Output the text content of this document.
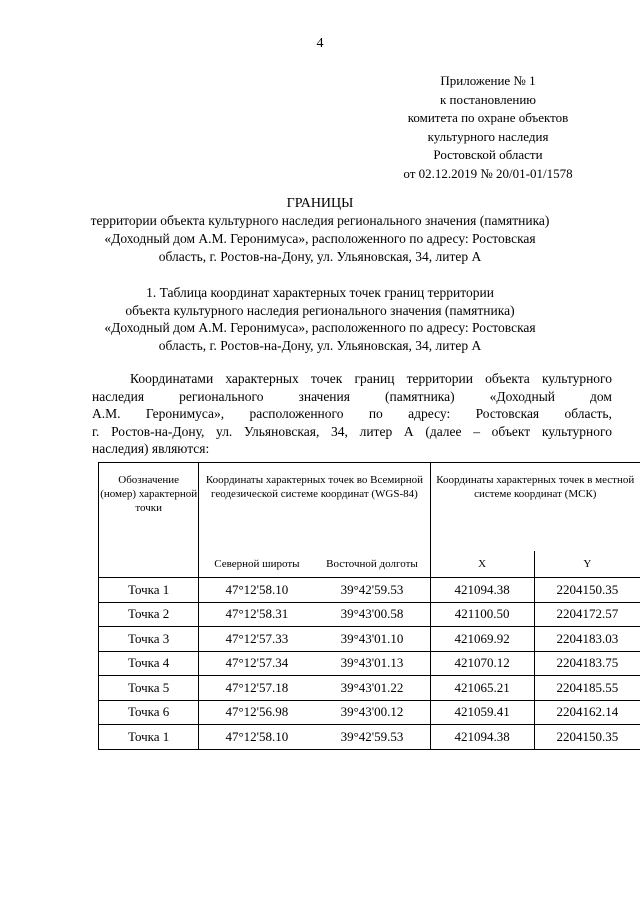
4
Приложение № 1
к постановлению
комитета по охране объектов
культурного наследия
Ростовской области
от 02.12.2019 № 20/01-01/1578
ГРАНИЦЫ
территории объекта культурного наследия регионального значения (памятника)
«Доходный дом А.М. Геронимуса», расположенного по адресу: Ростовская
область, г. Ростов-на-Дону, ул. Ульяновская, 34, литер А
1. Таблица координат характерных точек границ территории
объекта культурного наследия регионального значения (памятника)
«Доходный дом А.М. Геронимуса», расположенного по адресу: Ростовская
область, г. Ростов-на-Дону, ул. Ульяновская, 34, литер А
Координатами характерных точек границ территории объекта культурного
наследия	регионального	значения	(памятника)	«Доходный	дом
А.М. Геронимуса», расположенного по адресу: Ростовская область,
г. Ростов-на-Дону, ул. Ульяновская, 34, литер А (далее – объект культурного
наследия) являются:
Обозначение (номер) характерной точки	Координаты характерных точек во Всемирной геодезической системе координат (WGS-84)		Координаты характерных точек в местной системе координат (МСК)	
	Северной широты	Восточной долготы	X	Y
Точка 1	47°12'58.10	39°42'59.53	421094.38	2204150.35
Точка 2	47°12'58.31	39°43'00.58	421100.50	2204172.57
Точка 3	47°12'57.33	39°43'01.10	421069.92	2204183.03
Точка 4	47°12'57.34	39°43'01.13	421070.12	2204183.75
Точка 5	47°12'57.18	39°43'01.22	421065.21	2204185.55
Точка 6	47°12'56.98	39°43'00.12	421059.41	2204162.14
Точка 1	47°12'58.10	39°42'59.53	421094.38	2204150.35
